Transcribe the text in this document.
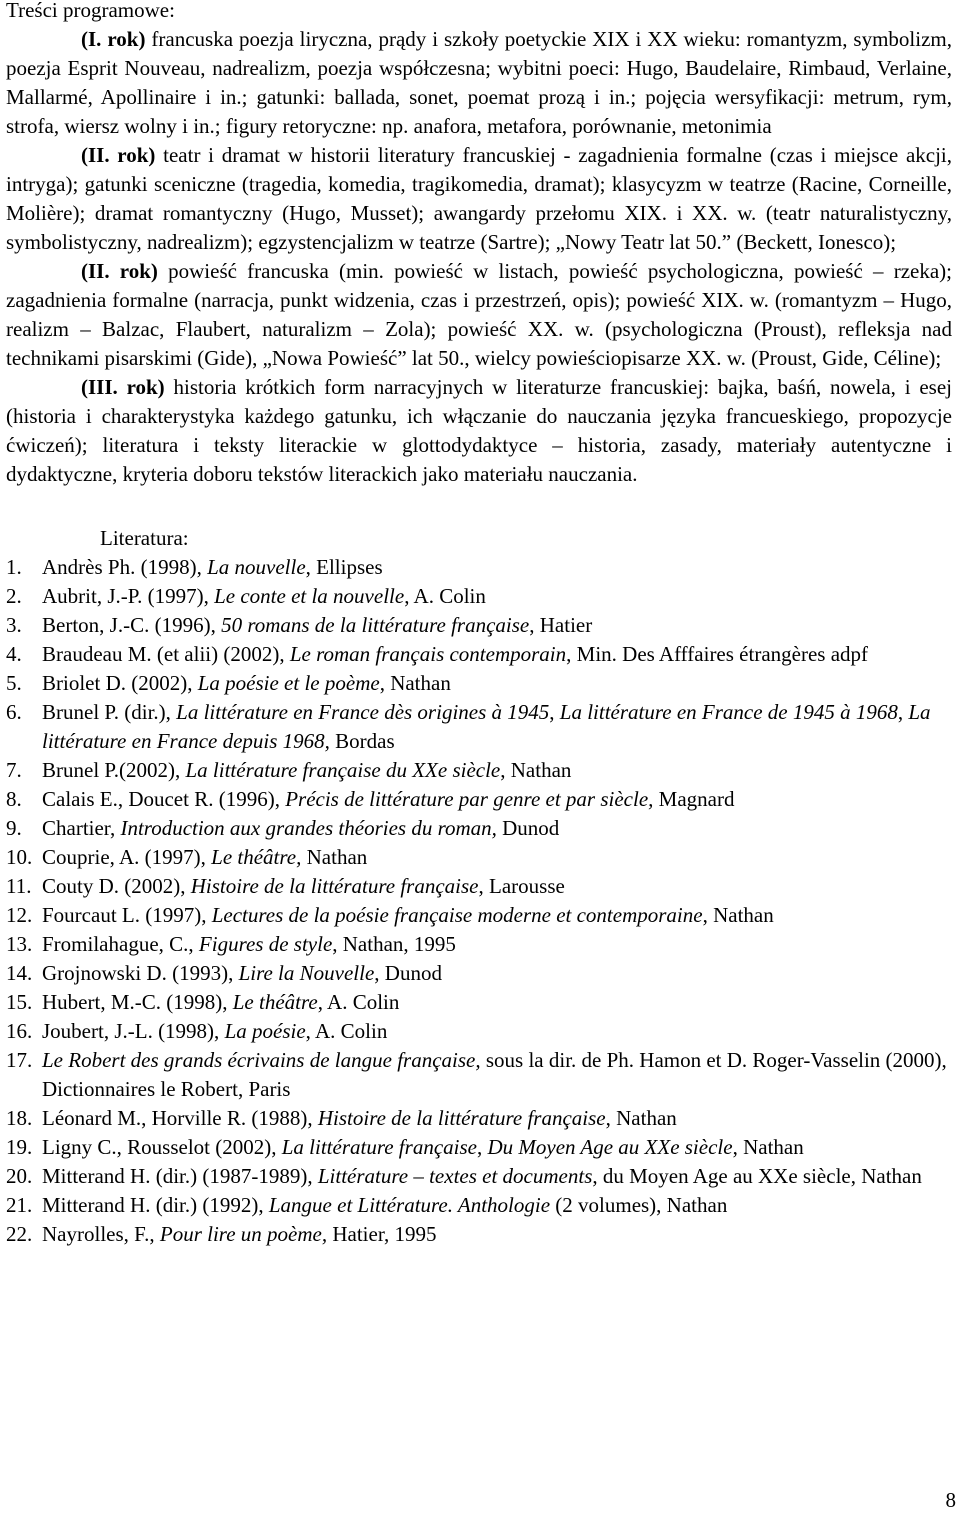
Treści programowe:

(I. rok) francuska poezja liryczna, prądy i szkoły poetyckie XIX i XX wieku: romantyzm, symbolizm, poezja Esprit Nouveau, nadrealizm, poezja współczesna; wybitni poeci: Hugo, Baudelaire, Rimbaud, Verlaine, Mallarmé, Apollinaire i in.; gatunki: ballada, sonet, poemat prozą i in.; pojęcia wersyfikacji: metrum, rym, strofa, wiersz wolny i in.; figury retoryczne: np. anafora, metafora, porównanie, metonimia

(II. rok) teatr i dramat w historii literatury francuskiej - zagadnienia formalne (czas i miejsce akcji, intryga); gatunki sceniczne (tragedia, komedia, tragikomedia, dramat); klasycyzm w teatrze (Racine, Corneille, Molière); dramat romantyczny (Hugo, Musset); awangardy przełomu XIX. i XX. w. (teatr naturalistyczny, symbolistyczny, nadrealizm); egzystencjalizm w teatrze (Sartre); „Nowy Teatr lat 50.” (Beckett, Ionesco);

(II. rok) powieść francuska (min. powieść w listach, powieść psychologiczna, powieść – rzeka); zagadnienia formalne (narracja, punkt widzenia, czas i przestrzeń, opis); powieść XIX. w. (romantyzm – Hugo, realizm – Balzac, Flaubert, naturalizm – Zola); powieść XX. w. (psychologiczna (Proust), refleksja nad technikami pisarskimi (Gide), „Nowa Powieść” lat 50., wielcy powieściopisarze XX. w. (Proust, Gide, Céline);

(III. rok) historia krótkich form narracyjnych w literaturze francuskiej: bajka, baśń, nowela, i esej (historia i charakterystyka każdego gatunku, ich włączanie do nauczania języka francueskiego, propozycje ćwiczeń); literatura i teksty literackie w glottodydaktyce – historia, zasady, materiały autentyczne i dydaktyczne, kryteria doboru tekstów literackich jako materiału nauczania.

Literatura:
1. Andrès Ph. (1998), La nouvelle, Ellipses
2. Aubrit, J.-P. (1997), Le conte et la nouvelle, A. Colin
3. Berton, J.-C. (1996), 50 romans de la littérature française, Hatier
4. Braudeau M. (et alii) (2002), Le roman français contemporain, Min. Des Afffaires étrangères adpf
5. Briolet D. (2002), La poésie et le poème, Nathan
6. Brunel P. (dir.), La littérature en France dès origines à 1945, La littérature en France de 1945 à 1968, La littérature en France depuis 1968, Bordas
7. Brunel P.(2002), La littérature française du XXe siècle, Nathan
8. Calais E., Doucet R. (1996), Précis de littérature par genre et par siècle, Magnard
9. Chartier, Introduction aux grandes théories du roman, Dunod
10. Couprie, A. (1997), Le théâtre, Nathan
11. Couty D. (2002), Histoire de la littérature française, Larousse
12. Fourcaut L. (1997), Lectures de la poésie française moderne et contemporaine, Nathan
13. Fromilahague, C., Figures de style, Nathan, 1995
14. Grojnowski D. (1993), Lire la Nouvelle, Dunod
15. Hubert, M.-C. (1998), Le théâtre, A. Colin
16. Joubert, J.-L. (1998), La poésie, A. Colin
17. Le Robert des grands écrivains de langue française, sous la dir. de Ph. Hamon et D. Roger-Vasselin (2000), Dictionnaires le Robert, Paris
18. Léonard M., Horville R. (1988), Histoire de la littérature française, Nathan
19. Ligny C., Rousselot (2002), La littérature française, Du Moyen Age au XXe siècle, Nathan
20. Mitterand H. (dir.) (1987-1989), Littérature – textes et documents, du Moyen Age au XXe siècle, Nathan
21. Mitterand H. (dir.) (1992), Langue et Littérature. Anthologie (2 volumes), Nathan
22. Nayrolles, F., Pour lire un poème, Hatier, 1995
8
